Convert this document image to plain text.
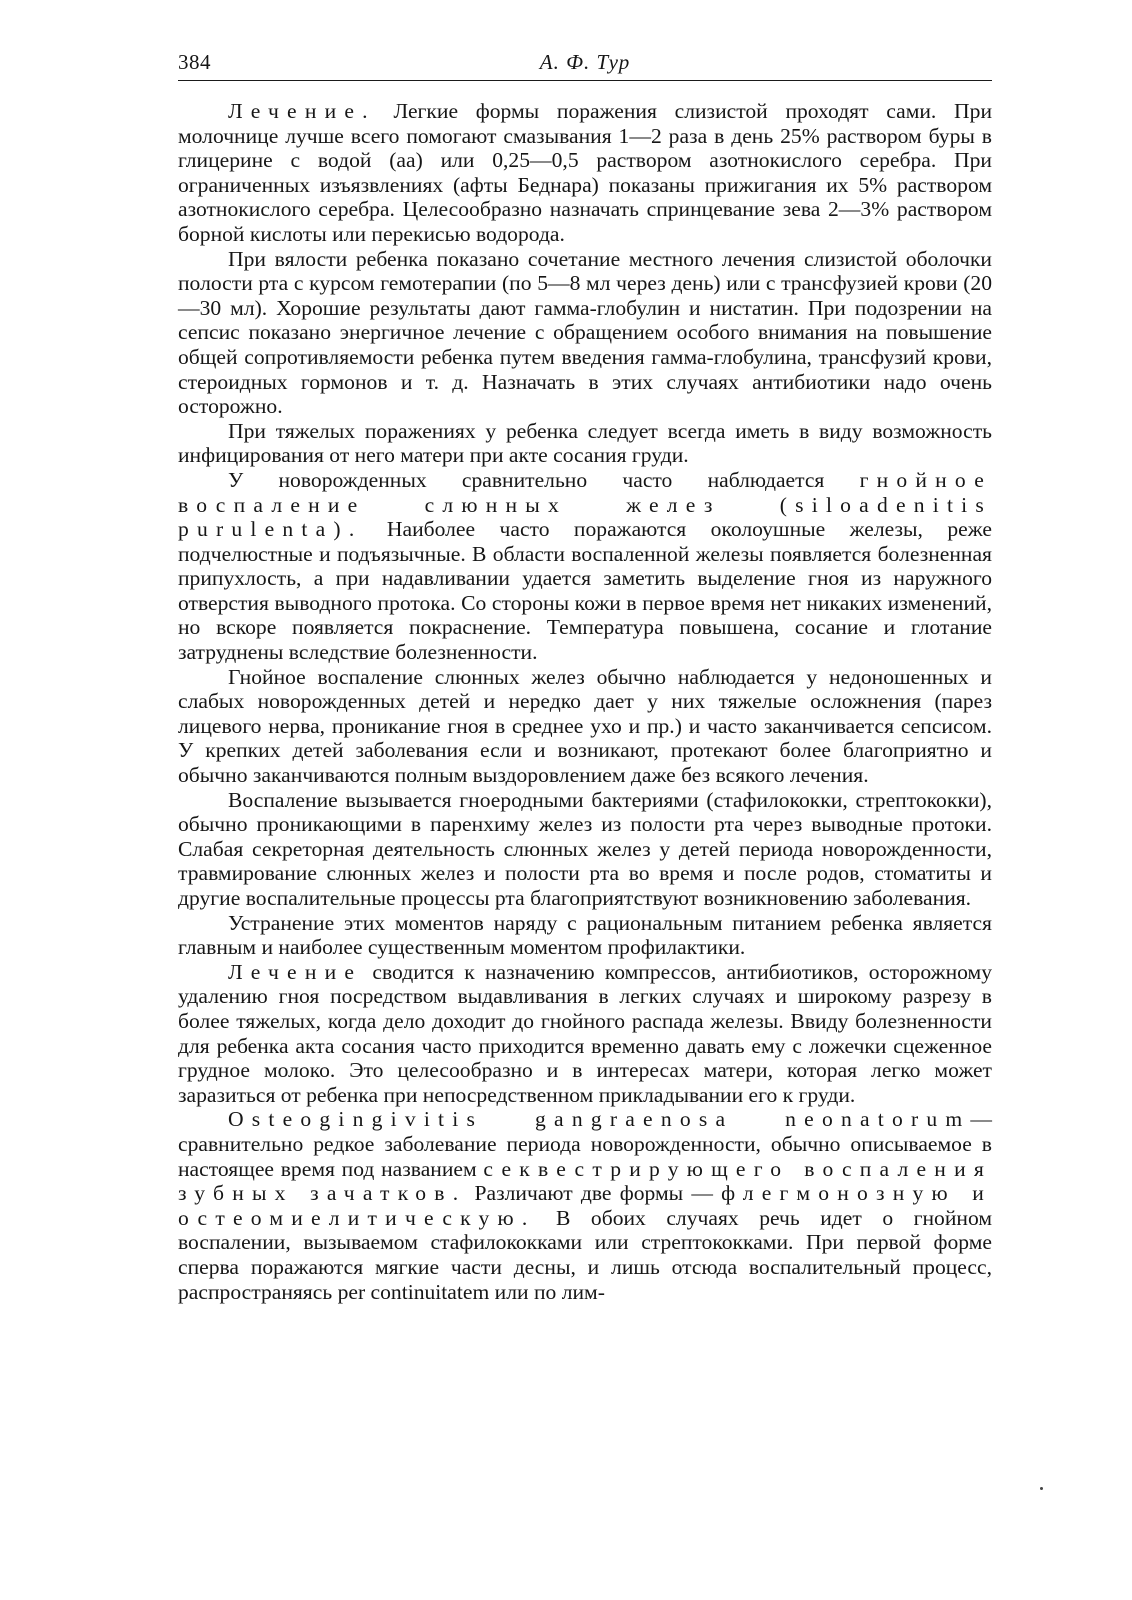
384	А. Ф. Тур

Лечение. Легкие формы поражения слизистой проходят сами. При молочнице лучше всего помогают смазывания 1—2 раза в день 25% раствором буры в глицерине с водой (aa) или 0,25—0,5 раствором азотнокислого серебра. При ограниченных изъязвлениях (афты Беднара) показаны прижигания их 5% раствором азотнокислого серебра. Целесообразно назначать спринцевание зева 2—3% раствором борной кислоты или перекисью водорода.

При вялости ребенка показано сочетание местного лечения слизистой оболочки полости рта с курсом гемотерапии (по 5—8 мл через день) или с трансфузией крови (20—30 мл). Хорошие результаты дают гамма-глобулин и нистатин. При подозрении на сепсис показано энергичное лечение с обращением особого внимания на повышение общей сопротивляемости ребенка путем введения гамма-глобулина, трансфузий крови, стероидных гормонов и т. д. Назначать в этих случаях антибиотики надо очень осторожно.

При тяжелых поражениях у ребенка следует всегда иметь в виду возможность инфицирования от него матери при акте сосания груди.

У новорожденных сравнительно часто наблюдается гнойное воспаление слюнных желез (siloadenitis purulenta). Наиболее часто поражаются околоушные железы, реже подчелюстные и подъязычные. В области воспаленной железы появляется болезненная припухлость, а при надавливании удается заметить выделение гноя из наружного отверстия выводного протока. Со стороны кожи в первое время нет никаких изменений, но вскоре появляется покраснение. Температура повышена, сосание и глотание затруднены вследствие болезненности.

Гнойное воспаление слюнных желез обычно наблюдается у недоношенных и слабых новорожденных детей и нередко дает у них тяжелые осложнения (парез лицевого нерва, проникание гноя в среднее ухо и пр.) и часто заканчивается сепсисом. У крепких детей заболевания если и возникают, протекают более благоприятно и обычно заканчиваются полным выздоровлением даже без всякого лечения.

Воспаление вызывается гноеродными бактериями (стафилококки, стрептококки), обычно проникающими в паренхиму желез из полости рта через выводные протоки. Слабая секреторная деятельность слюнных желез у детей периода новорожденности, травмирование слюнных желез и полости рта во время и после родов, стоматиты и другие воспалительные процессы рта благоприятствуют возникновению заболевания.

Устранение этих моментов наряду с рациональным питанием ребенка является главным и наиболее существенным моментом профилактики.

Лечение сводится к назначению компрессов, антибиотиков, осторожному удалению гноя посредством выдавливания в легких случаях и широкому разрезу в более тяжелых, когда дело доходит до гнойного распада железы. Ввиду болезненности для ребенка акта сосания часто приходится временно давать ему с ложечки сцеженное грудное молоко. Это целесообразно и в интересах матери, которая легко может заразиться от ребенка при непосредственном прикладывании его к груди.

Osteogingivitis gangraenosa neonatorum—сравнительно редкое заболевание периода новорожденности, обычно описываемое в настоящее время под названием секвестрирующего воспаления зубных зачатков. Различают две формы — флегмонозную и остеомиелитическую. В обоих случаях речь идет о гнойном воспалении, вызываемом стафилококками или стрептококками. При первой форме сперва поражаются мягкие части десны, и лишь отсюда воспалительный процесс, распространяясь per continuitatem или по лим-
